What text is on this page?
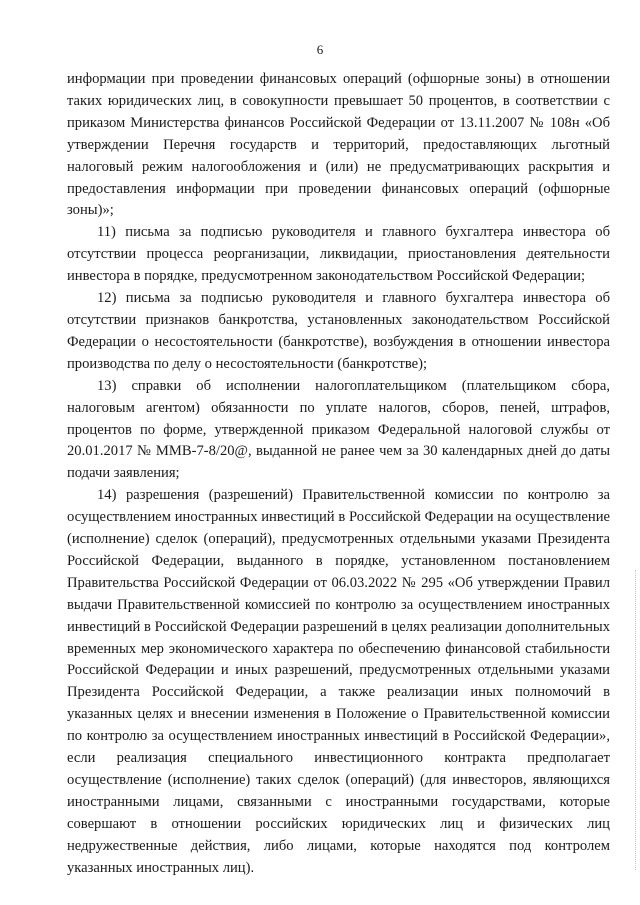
6

информации при проведении финансовых операций (офшорные зоны) в отношении таких юридических лиц, в совокупности превышает 50 процентов, в соответствии с приказом Министерства финансов Российской Федерации от 13.11.2007 № 108н «Об утверждении Перечня государств и территорий, предоставляющих льготный налоговый режим налогообложения и (или) не предусматривающих раскрытия и предоставления информации при проведении финансовых операций (офшорные зоны)»;

11) письма за подписью руководителя и главного бухгалтера инвестора об отсутствии процесса реорганизации, ликвидации, приостановления деятельности инвестора в порядке, предусмотренном законодательством Российской Федерации;

12) письма за подписью руководителя и главного бухгалтера инвестора об отсутствии признаков банкротства, установленных законодательством Российской Федерации о несостоятельности (банкротстве), возбуждения в отношении инвестора производства по делу о несостоятельности (банкротстве);

13) справки об исполнении налогоплательщиком (плательщиком сбора, налоговым агентом) обязанности по уплате налогов, сборов, пеней, штрафов, процентов по форме, утвержденной приказом Федеральной налоговой службы от 20.01.2017 № ММВ-7-8/20@, выданной не ранее чем за 30 календарных дней до даты подачи заявления;

14) разрешения (разрешений) Правительственной комиссии по контролю за осуществлением иностранных инвестиций в Российской Федерации на осуществление (исполнение) сделок (операций), предусмотренных отдельными указами Президента Российской Федерации, выданного в порядке, установленном постановлением Правительства Российской Федерации от 06.03.2022 № 295 «Об утверждении Правил выдачи Правительственной комиссией по контролю за осуществлением иностранных инвестиций в Российской Федерации разрешений в целях реализации дополнительных временных мер экономического характера по обеспечению финансовой стабильности Российской Федерации и иных разрешений, предусмотренных отдельными указами Президента Российской Федерации, а также реализации иных полномочий в указанных целях и внесении изменения в Положение о Правительственной комиссии по контролю за осуществлением иностранных инвестиций в Российской Федерации», если реализация специального инвестиционного контракта предполагает осуществление (исполнение) таких сделок (операций) (для инвесторов, являющихся иностранными лицами, связанными с иностранными государствами, которые совершают в отношении российских юридических лиц и физических лиц недружественные действия, либо лицами, которые находятся под контролем указанных иностранных лиц).
